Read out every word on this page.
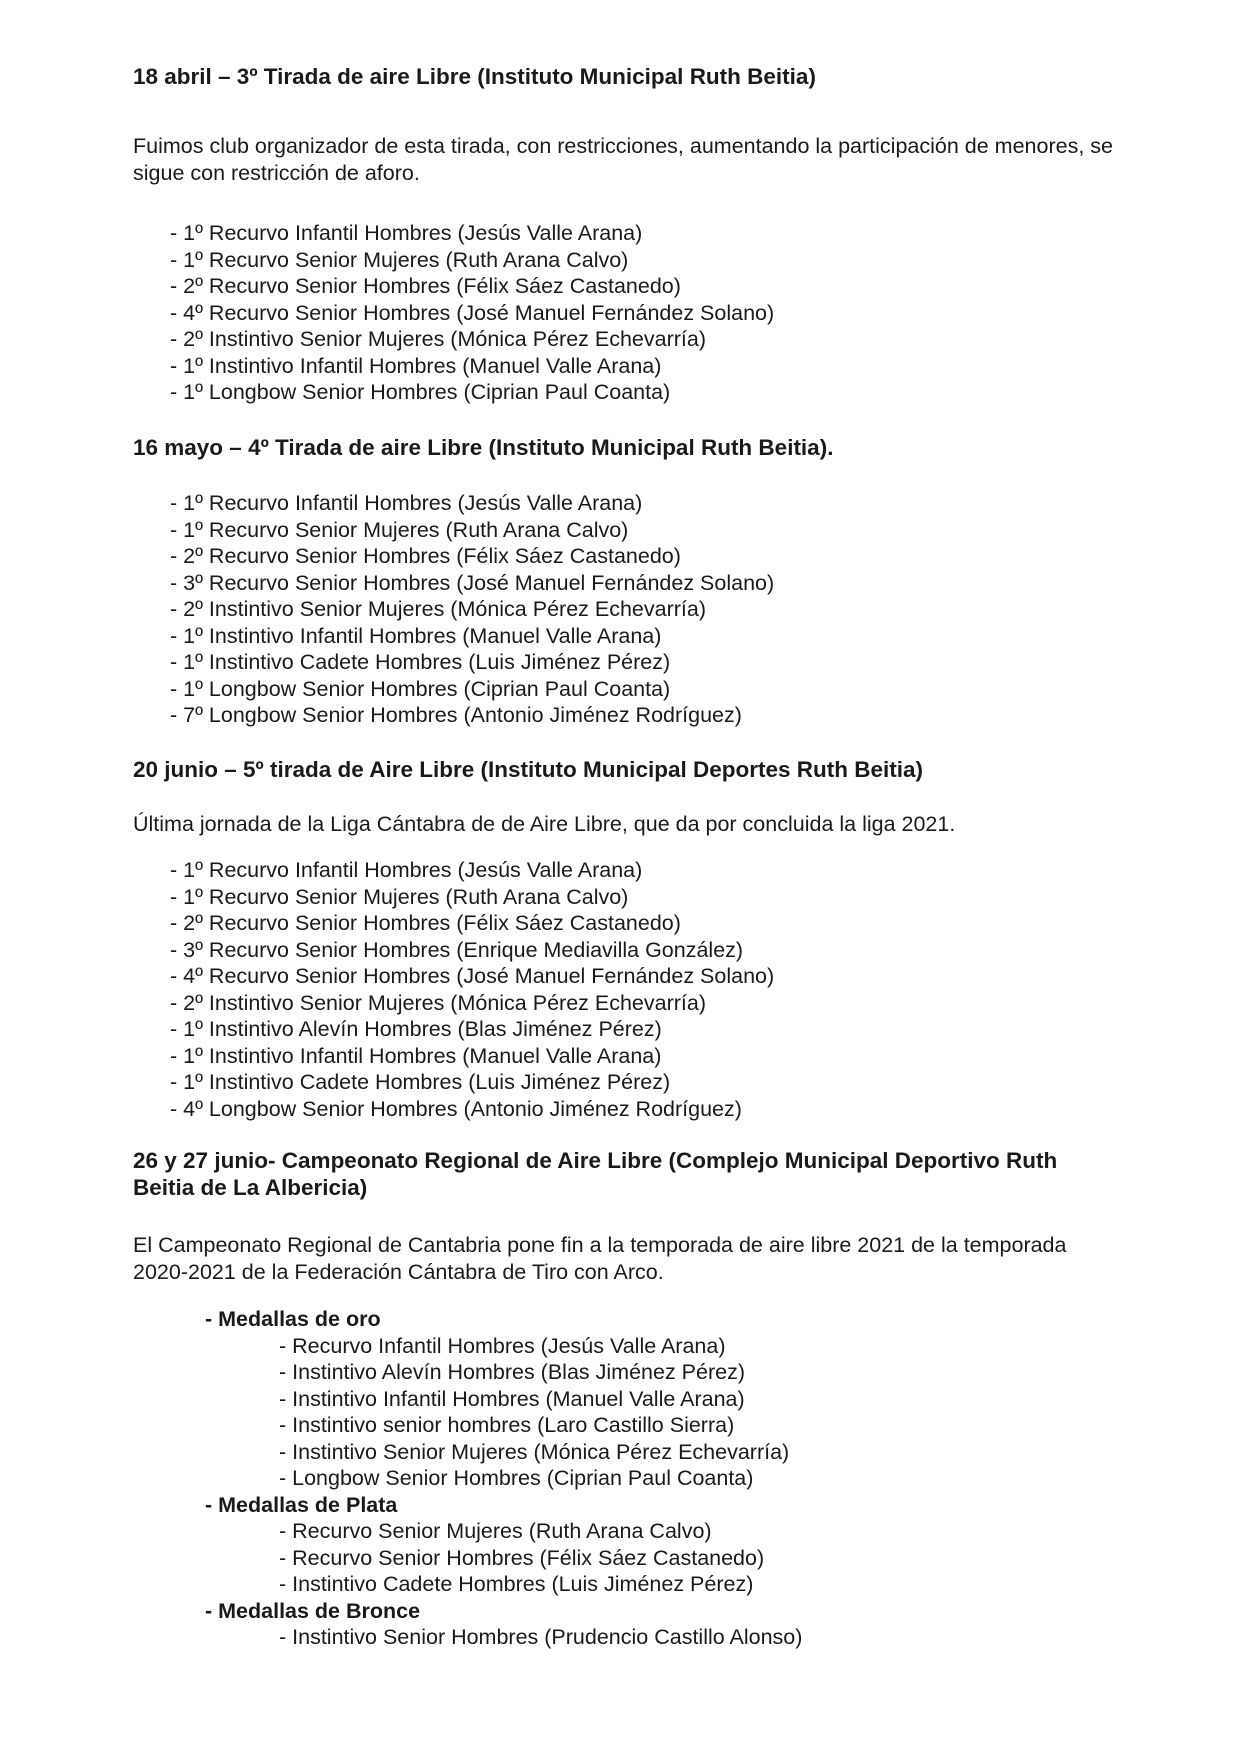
18 abril – 3º Tirada de aire Libre (Instituto Municipal Ruth Beitia)

Fuimos club organizador de esta tirada, con restricciones, aumentando la participación de menores, se sigue con restricción de aforo.

- 1º Recurvo Infantil Hombres (Jesús Valle Arana)
- 1º Recurvo Senior Mujeres (Ruth Arana Calvo)
- 2º Recurvo Senior Hombres (Félix Sáez Castanedo)
- 4º Recurvo Senior Hombres (José Manuel Fernández Solano)
- 2º Instintivo Senior Mujeres (Mónica Pérez Echevarría)
- 1º Instintivo Infantil Hombres (Manuel Valle Arana)
- 1º Longbow Senior Hombres (Ciprian Paul Coanta)
16 mayo – 4º Tirada de aire Libre (Instituto Municipal Ruth Beitia).
- 1º Recurvo Infantil Hombres (Jesús Valle Arana)
- 1º Recurvo Senior Mujeres (Ruth Arana Calvo)
- 2º Recurvo Senior Hombres (Félix Sáez Castanedo)
- 3º Recurvo Senior Hombres (José Manuel Fernández Solano)
- 2º Instintivo Senior Mujeres (Mónica Pérez Echevarría)
- 1º Instintivo Infantil Hombres (Manuel Valle Arana)
- 1º Instintivo Cadete Hombres (Luis Jiménez Pérez)
- 1º Longbow Senior Hombres (Ciprian Paul Coanta)
- 7º Longbow Senior Hombres (Antonio Jiménez Rodríguez)
20 junio – 5º tirada de Aire Libre (Instituto Municipal Deportes Ruth Beitia)

Última jornada de la Liga Cántabra de de Aire Libre, que da por concluida la liga 2021.

- 1º Recurvo Infantil Hombres (Jesús Valle Arana)
- 1º Recurvo Senior Mujeres (Ruth Arana Calvo)
- 2º Recurvo Senior Hombres (Félix Sáez Castanedo)
- 3º Recurvo Senior Hombres (Enrique Mediavilla González)
- 4º Recurvo Senior Hombres (José Manuel Fernández Solano)
- 2º Instintivo Senior Mujeres (Mónica Pérez Echevarría)
- 1º Instintivo Alevín Hombres (Blas Jiménez Pérez)
- 1º Instintivo Infantil Hombres (Manuel Valle Arana)
- 1º Instintivo Cadete Hombres (Luis Jiménez Pérez)
- 4º Longbow Senior Hombres (Antonio Jiménez Rodríguez)
26 y 27 junio- Campeonato Regional de Aire Libre (Complejo Municipal Deportivo Ruth Beitia de La Albericia)

El Campeonato Regional de Cantabria pone fin a la temporada de aire libre 2021 de la temporada 2020-2021 de la Federación Cántabra de Tiro con Arco.

- Medallas de oro
- Recurvo Infantil Hombres (Jesús Valle Arana)
- Instintivo Alevín Hombres (Blas Jiménez Pérez)
- Instintivo Infantil Hombres (Manuel Valle Arana)
- Instintivo senior hombres (Laro Castillo Sierra)
- Instintivo Senior Mujeres (Mónica Pérez Echevarría)
- Longbow Senior Hombres (Ciprian Paul Coanta)
- Medallas de Plata
- Recurvo Senior Mujeres (Ruth Arana Calvo)
- Recurvo Senior Hombres (Félix Sáez Castanedo)
- Instintivo Cadete Hombres (Luis Jiménez Pérez)
- Medallas de Bronce
- Instintivo Senior Hombres (Prudencio Castillo Alonso)
